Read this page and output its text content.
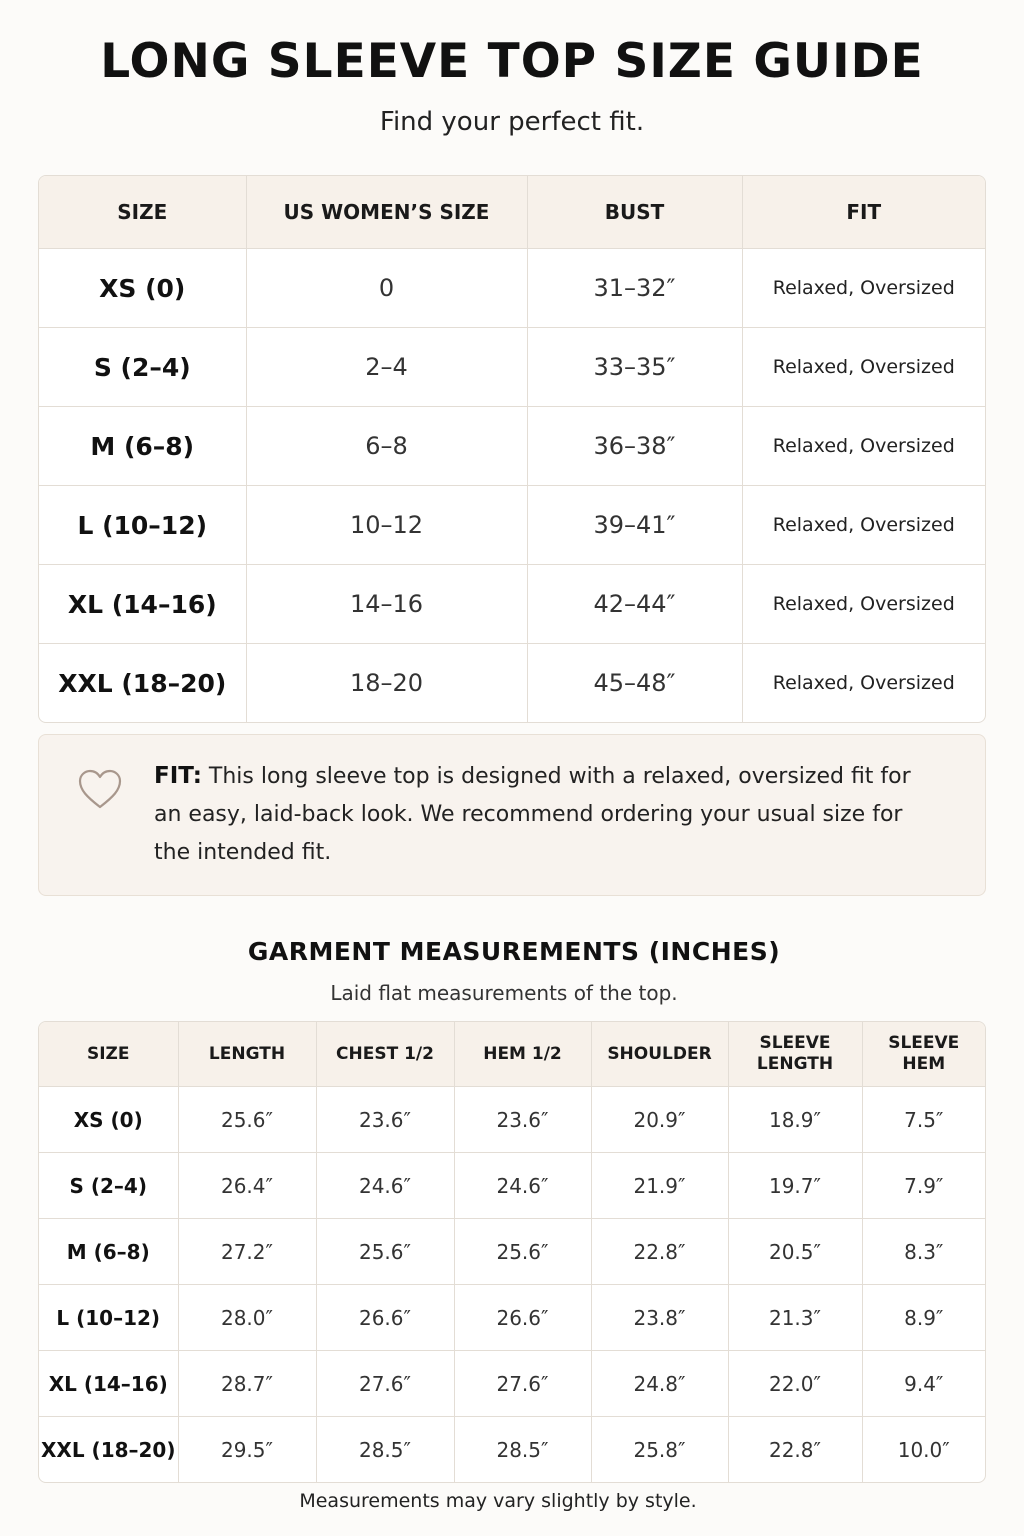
LONG SLEEVE TOP SIZE GUIDE
Find your perfect fit.
SIZE	US WOMEN’S SIZE	BUST	FIT
XS (0)	0	31–32″	Relaxed, Oversized
S (2–4)	2–4	33–35″	Relaxed, Oversized
M (6–8)	6–8	36–38″	Relaxed, Oversized
L (10–12)	10–12	39–41″	Relaxed, Oversized
XL (14–16)	14–16	42–44″	Relaxed, Oversized
XXL (18–20)	18–20	45–48″	Relaxed, Oversized
FIT: This long sleeve top is designed with a relaxed, oversized fit for an easy, laid-back look. We recommend ordering your usual size for the intended fit.
GARMENT MEASUREMENTS (INCHES)
Laid flat measurements of the top.
SIZE	LENGTH	CHEST 1/2	HEM 1/2	SHOULDER	SLEEVE LENGTH	SLEEVE HEM
XS (0)	25.6″	23.6″	23.6″	20.9″	18.9″	7.5″
S (2–4)	26.4″	24.6″	24.6″	21.9″	19.7″	7.9″
M (6–8)	27.2″	25.6″	25.6″	22.8″	20.5″	8.3″
L (10–12)	28.0″	26.6″	26.6″	23.8″	21.3″	8.9″
XL (14–16)	28.7″	27.6″	27.6″	24.8″	22.0″	9.4″
XXL (18–20)	29.5″	28.5″	28.5″	25.8″	22.8″	10.0″
Measurements may vary slightly by style.
